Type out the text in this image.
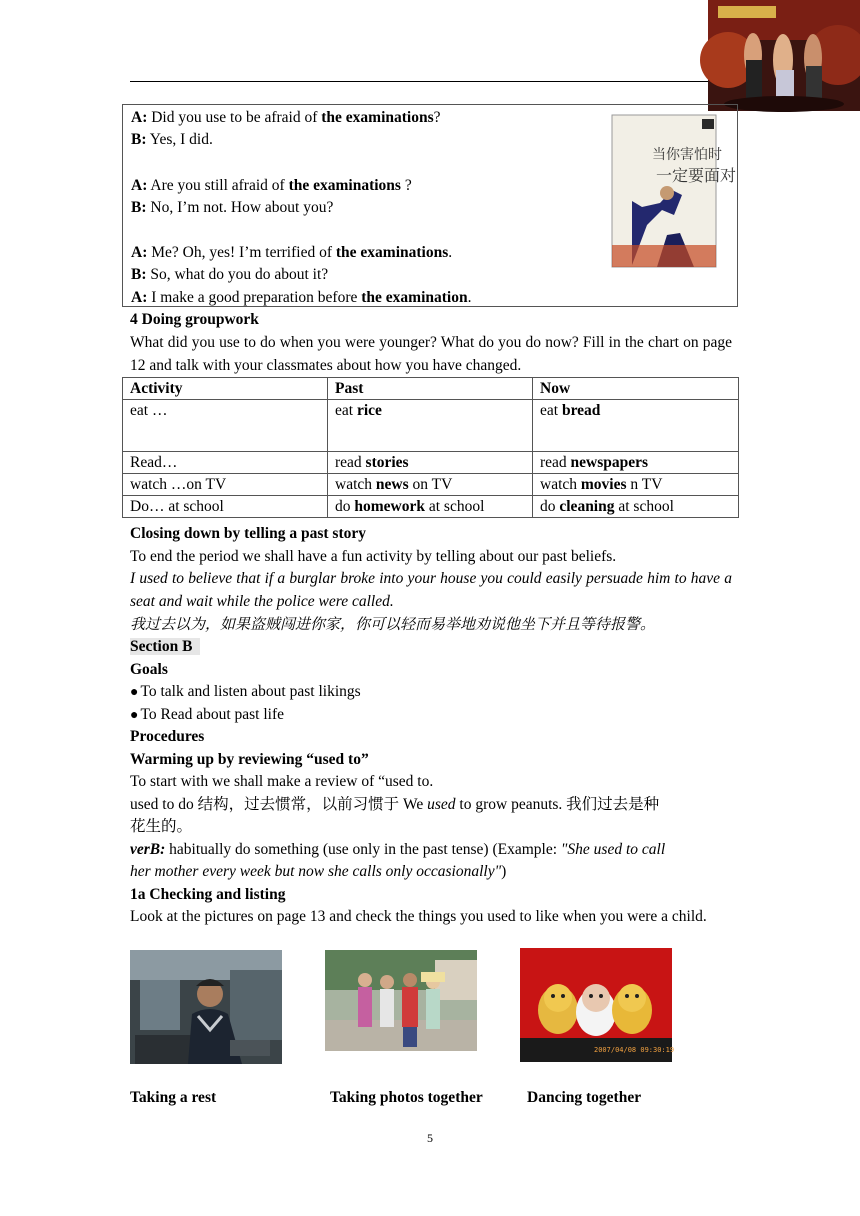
A: Did you use to be afraid of the examinations?
B: Yes, I did.
A: Are you still afraid of the examinations ?
B: No, I’m not. How about you?
A: Me? Oh, yes! I’m terrified of the examinations.
B: So, what do you do about it?
A: I make a good preparation before the examination.
当你害怕时
一定要面对
4 Doing groupwork
What did you use to do when you were younger? What do you do now? Fill in the chart on page 12 and talk with your classmates about how you have changed.
Activity	Past	Now
eat …	eat rice	eat bread
Read…	read stories	read newspapers
watch …on TV	watch news on TV	watch movies n TV
Do… at school	do homework at school	do cleaning at school
Closing down by telling a past story
To end the period we shall have a fun activity by telling about our past beliefs.
I used to believe that if a burglar broke into your house you could easily persuade him to have a seat and wait while the police were called.
我过去以为，如果盗贼闯进你家，你可以轻而易举地劝说他坐下并且等待报警。
Section B
Goals
● To talk and listen about past likings
● To Read about past life
Procedures
Warming up by reviewing “used to”
To start with we shall make a review of “used to.
used to do 结构，过去惯常，以前习惯于 We used to grow peanuts. 我们过去是种
花生的。
verB: habitually do something (use only in the past tense) (Example: "She used to call
her mother every week but now she calls only occasionally")
1a Checking and listing
Look at the pictures on page 13 and check the things you used to like when you were a child.
2007/04/08 09:30:19
Taking a rest	Taking photos together	Dancing together
5
